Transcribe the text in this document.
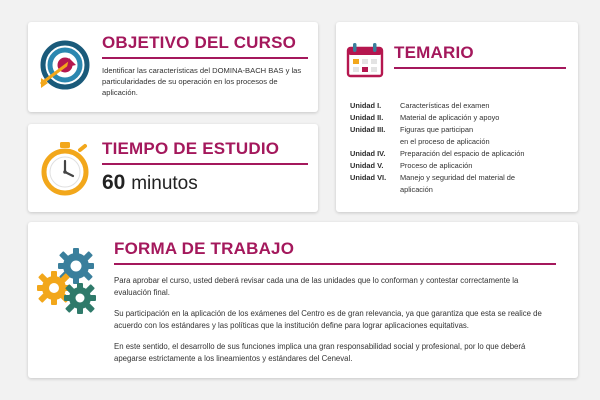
OBJETIVO DEL CURSO

Identificar las características del DOMINA-BACH BAS y las particularidades de su operación en los procesos de aplicación.

TIEMPO DE ESTUDIO

60 minutos

TEMARIO
Unidad I.	Características del examen
Unidad II.	Material de aplicación y apoyo
Unidad III.	Figuras que participan
en el proceso de aplicación
Unidad IV.	Preparación del espacio de aplicación
Unidad V.	Proceso de aplicación
Unidad VI.	Manejo y seguridad del material de
aplicación
FORMA DE TRABAJO

Para aprobar el curso, usted deberá revisar cada una de las unidades que lo conforman y contestar correctamente la evaluación final.

Su participación en la aplicación de los exámenes del Centro es de gran relevancia, ya que garantiza que esta se realice de acuerdo con los estándares y las políticas que la institución define para lograr aplicaciones equitativas.

En este sentido, el desarrollo de sus funciones implica una gran responsabilidad social y profesional, por lo que deberá apegarse estrictamente a los lineamientos y estándares del Ceneval.
